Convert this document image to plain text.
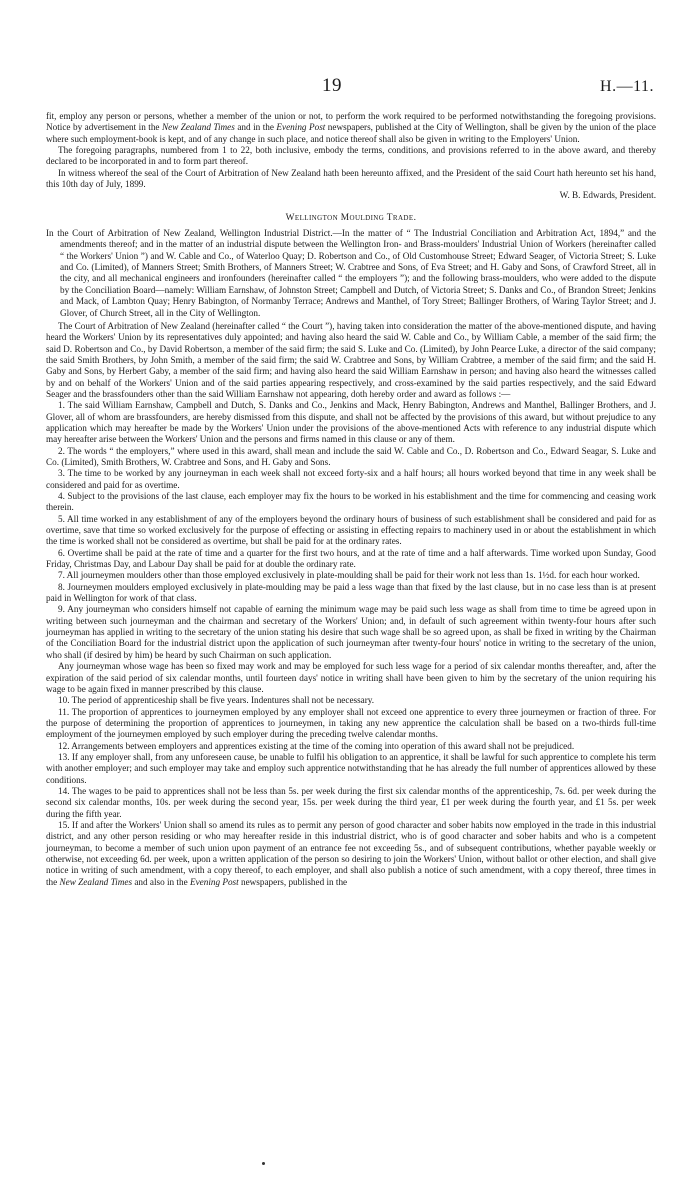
19	H.—11.

fit, employ any person or persons, whether a member of the union or not, to perform the work required to be performed notwithstanding the foregoing provisions. Notice by advertisement in the New Zealand Times and in the Evening Post newspapers, published at the City of Wellington, shall be given by the union of the place where such employment-book is kept, and of any change in such place, and notice thereof shall also be given in writing to the Employers' Union.

The foregoing paragraphs, numbered from 1 to 22, both inclusive, embody the terms, conditions, and provisions referred to in the above award, and thereby declared to be incorporated in and to form part thereof.

In witness whereof the seal of the Court of Arbitration of New Zealand hath been hereunto affixed, and the President of the said Court hath hereunto set his hand, this 10th day of July, 1899.

W. B. Edwards, President.

Wellington Moulding Trade.

In the Court of Arbitration of New Zealand, Wellington Industrial District.—In the matter of “ The Industrial Conciliation and Arbitration Act, 1894,” and the amendments thereof; and in the matter of an industrial dispute between the Wellington Iron- and Brass-moulders' Industrial Union of Workers (hereinafter called “ the Workers' Union ”) and W. Cable and Co., of Waterloo Quay; D. Robertson and Co., of Old Customhouse Street; Edward Seager, of Victoria Street; S. Luke and Co. (Limited), of Manners Street; Smith Brothers, of Manners Street; W. Crabtree and Sons, of Eva Street; and H. Gaby and Sons, of Crawford Street, all in the city, and all mechanical engineers and ironfounders (hereinafter called “ the employers ”); and the following brass-moulders, who were added to the dispute by the Conciliation Board—namely: William Earnshaw, of Johnston Street; Campbell and Dutch, of Victoria Street; S. Danks and Co., of Brandon Street; Jenkins and Mack, of Lambton Quay; Henry Babington, of Normanby Terrace; Andrews and Manthel, of Tory Street; Ballinger Brothers, of Waring Taylor Street; and J. Glover, of Church Street, all in the City of Wellington.

The Court of Arbitration of New Zealand (hereinafter called “ the Court ”), having taken into consideration the matter of the above-mentioned dispute, and having heard the Workers' Union by its representatives duly appointed; and having also heard the said W. Cable and Co., by William Cable, a member of the said firm; the said D. Robertson and Co., by David Robertson, a member of the said firm; the said S. Luke and Co. (Limited), by John Pearce Luke, a director of the said company; the said Smith Brothers, by John Smith, a member of the said firm; the said W. Crabtree and Sons, by William Crabtree, a member of the said firm; and the said H. Gaby and Sons, by Herbert Gaby, a member of the said firm; and having also heard the said William Earnshaw in person; and having also heard the witnesses called by and on behalf of the Workers' Union and of the said parties appearing respectively, and cross-examined by the said parties respectively, and the said Edward Seager and the brassfounders other than the said William Earnshaw not appearing, doth hereby order and award as follows :—

1. The said William Earnshaw, Campbell and Dutch, S. Danks and Co., Jenkins and Mack, Henry Babington, Andrews and Manthel, Ballinger Brothers, and J. Glover, all of whom are brassfounders, are hereby dismissed from this dispute, and shall not be affected by the provisions of this award, but without prejudice to any application which may hereafter be made by the Workers' Union under the provisions of the above-mentioned Acts with reference to any industrial dispute which may hereafter arise between the Workers' Union and the persons and firms named in this clause or any of them.

2. The words “ the employers,” where used in this award, shall mean and include the said W. Cable and Co., D. Robertson and Co., Edward Seagar, S. Luke and Co. (Limited), Smith Brothers, W. Crabtree and Sons, and H. Gaby and Sons.

3. The time to be worked by any journeyman in each week shall not exceed forty-six and a half hours; all hours worked beyond that time in any week shall be considered and paid for as overtime.

4. Subject to the provisions of the last clause, each employer may fix the hours to be worked in his establishment and the time for commencing and ceasing work therein.

5. All time worked in any establishment of any of the employers beyond the ordinary hours of business of such establishment shall be considered and paid for as overtime, save that time so worked exclusively for the purpose of effecting or assisting in effecting repairs to machinery used in or about the establishment in which the time is worked shall not be considered as overtime, but shall be paid for at the ordinary rates.

6. Overtime shall be paid at the rate of time and a quarter for the first two hours, and at the rate of time and a half afterwards. Time worked upon Sunday, Good Friday, Christmas Day, and Labour Day shall be paid for at double the ordinary rate.

7. All journeymen moulders other than those employed exclusively in plate-moulding shall be paid for their work not less than 1s. 1½d. for each hour worked.

8. Journeymen moulders employed exclusively in plate-moulding may be paid a less wage than that fixed by the last clause, but in no case less than is at present paid in Wellington for work of that class.

9. Any journeyman who considers himself not capable of earning the minimum wage may be paid such less wage as shall from time to time be agreed upon in writing between such journeyman and the chairman and secretary of the Workers' Union; and, in default of such agreement within twenty-four hours after such journeyman has applied in writing to the secretary of the union stating his desire that such wage shall be so agreed upon, as shall be fixed in writing by the Chairman of the Conciliation Board for the industrial district upon the application of such journeyman after twenty-four hours' notice in writing to the secretary of the union, who shall (if desired by him) be heard by such Chairman on such application.

Any journeyman whose wage has been so fixed may work and may be employed for such less wage for a period of six calendar months thereafter, and, after the expiration of the said period of six calendar months, until fourteen days' notice in writing shall have been given to him by the secretary of the union requiring his wage to be again fixed in manner prescribed by this clause.

10. The period of apprenticeship shall be five years. Indentures shall not be necessary.

11. The proportion of apprentices to journeymen employed by any employer shall not exceed one apprentice to every three journeymen or fraction of three. For the purpose of determining the proportion of apprentices to journeymen, in taking any new apprentice the calculation shall be based on a two-thirds full-time employment of the journeymen employed by such employer during the preceding twelve calendar months.

12. Arrangements between employers and apprentices existing at the time of the coming into operation of this award shall not be prejudiced.

13. If any employer shall, from any unforeseen cause, be unable to fulfil his obligation to an apprentice, it shall be lawful for such apprentice to complete his term with another employer; and such employer may take and employ such apprentice notwithstanding that he has already the full number of apprentices allowed by these conditions.

14. The wages to be paid to apprentices shall not be less than 5s. per week during the first six calendar months of the apprenticeship, 7s. 6d. per week during the second six calendar months, 10s. per week during the second year, 15s. per week during the third year, £1 per week during the fourth year, and £1 5s. per week during the fifth year.

15. If and after the Workers' Union shall so amend its rules as to permit any person of good character and sober habits now employed in the trade in this industrial district, and any other person residing or who may hereafter reside in this industrial district, who is of good character and sober habits and who is a competent journeyman, to become a member of such union upon payment of an entrance fee not exceeding 5s., and of subsequent contributions, whether payable weekly or otherwise, not exceeding 6d. per week, upon a written application of the person so desiring to join the Workers' Union, without ballot or other election, and shall give notice in writing of such amendment, with a copy thereof, to each employer, and shall also publish a notice of such amendment, with a copy thereof, three times in the New Zealand Times and also in the Evening Post newspapers, published in the
